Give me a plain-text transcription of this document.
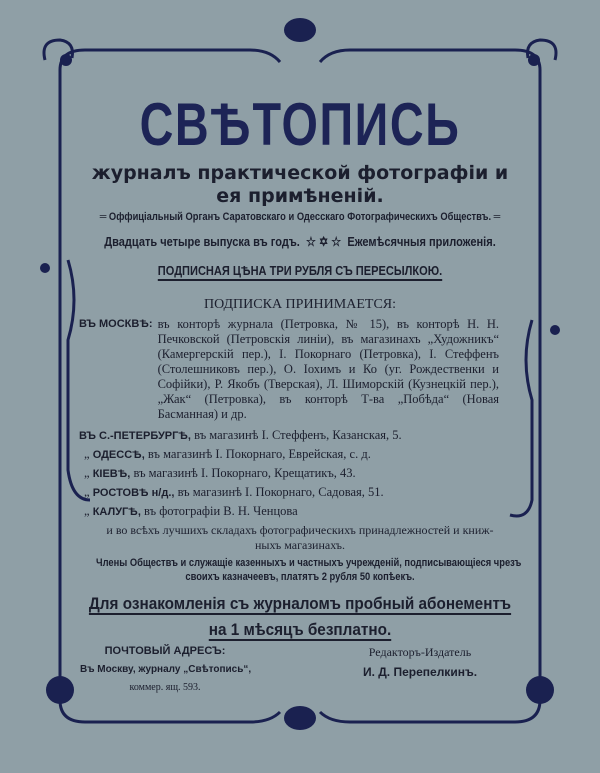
СВѢТОПИСЬ
журналъ практической фотографіи и
ея примѣненій.
═ Оффиціальный Органъ Саратовскаго и Одесскаго Фотографическихъ Обществъ. ═
Двадцать четыре выпуска въ годъ. ☆ ✡ ☆ Ежемѣсячныя приложенія.
ПОДПИСНАЯ ЦѢНА ТРИ РУБЛЯ СЪ ПЕРЕСЫЛКОЮ.
ПОДПИСКА ПРИНИМАЕТСЯ:
ВЪ МОСКВѢ: въ конторѣ журнала (Петровка, № 15), въ конторѣ Н. Н. Печковской (Петровскія линіи), въ магазинахъ „Художникъ“ (Камергерскій пер.), І. Покорнаго (Петровка), І. Стеффенъ (Столешниковъ пер.), О. Іохимъ и Ко (уг. Рождественки и Софійки), Р. Якобъ (Тверская), Л. Шиморскій (Кузнецкій пер.), „Жак“ (Петровка), въ конторѣ Т-ва „Побѣда“ (Новая Басманная) и др.
ВЪ С.-ПЕТЕРБУРГѢ, въ магазинѣ І. Стеффенъ, Казанская, 5.
„ ОДЕССѢ, въ магазинѣ І. Покорнаго, Еврейская, с. д.
„ КІЕВѢ, въ магазинѣ І. Покорнаго, Крещатикъ, 43.
„ РОСТОВѢ н/д., въ магазинѣ І. Покорнаго, Садовая, 51.
„ КАЛУГѢ, въ фотографіи В. Н. Ченцова
и во всѣхъ лучшихъ складахъ фотографическихъ принадлежностей и книж-
ныхъ магазинахъ.
Члены Обществъ и служащіе казенныхъ и частныхъ учрежденій, подписывающіеся чрезъ
своихъ казначеевъ, платятъ 2 рубля 50 копѣекъ.
Для ознакомленія съ журналомъ пробный абонементъ
на 1 мѣсяцъ безплатно.
ПОЧТОВЫЙ АДРЕСЪ:
Въ Москву, журналу „Свѣтопись“,
коммер. ящ. 593.
Редакторъ-Издатель
И. Д. Перепелкинъ.
